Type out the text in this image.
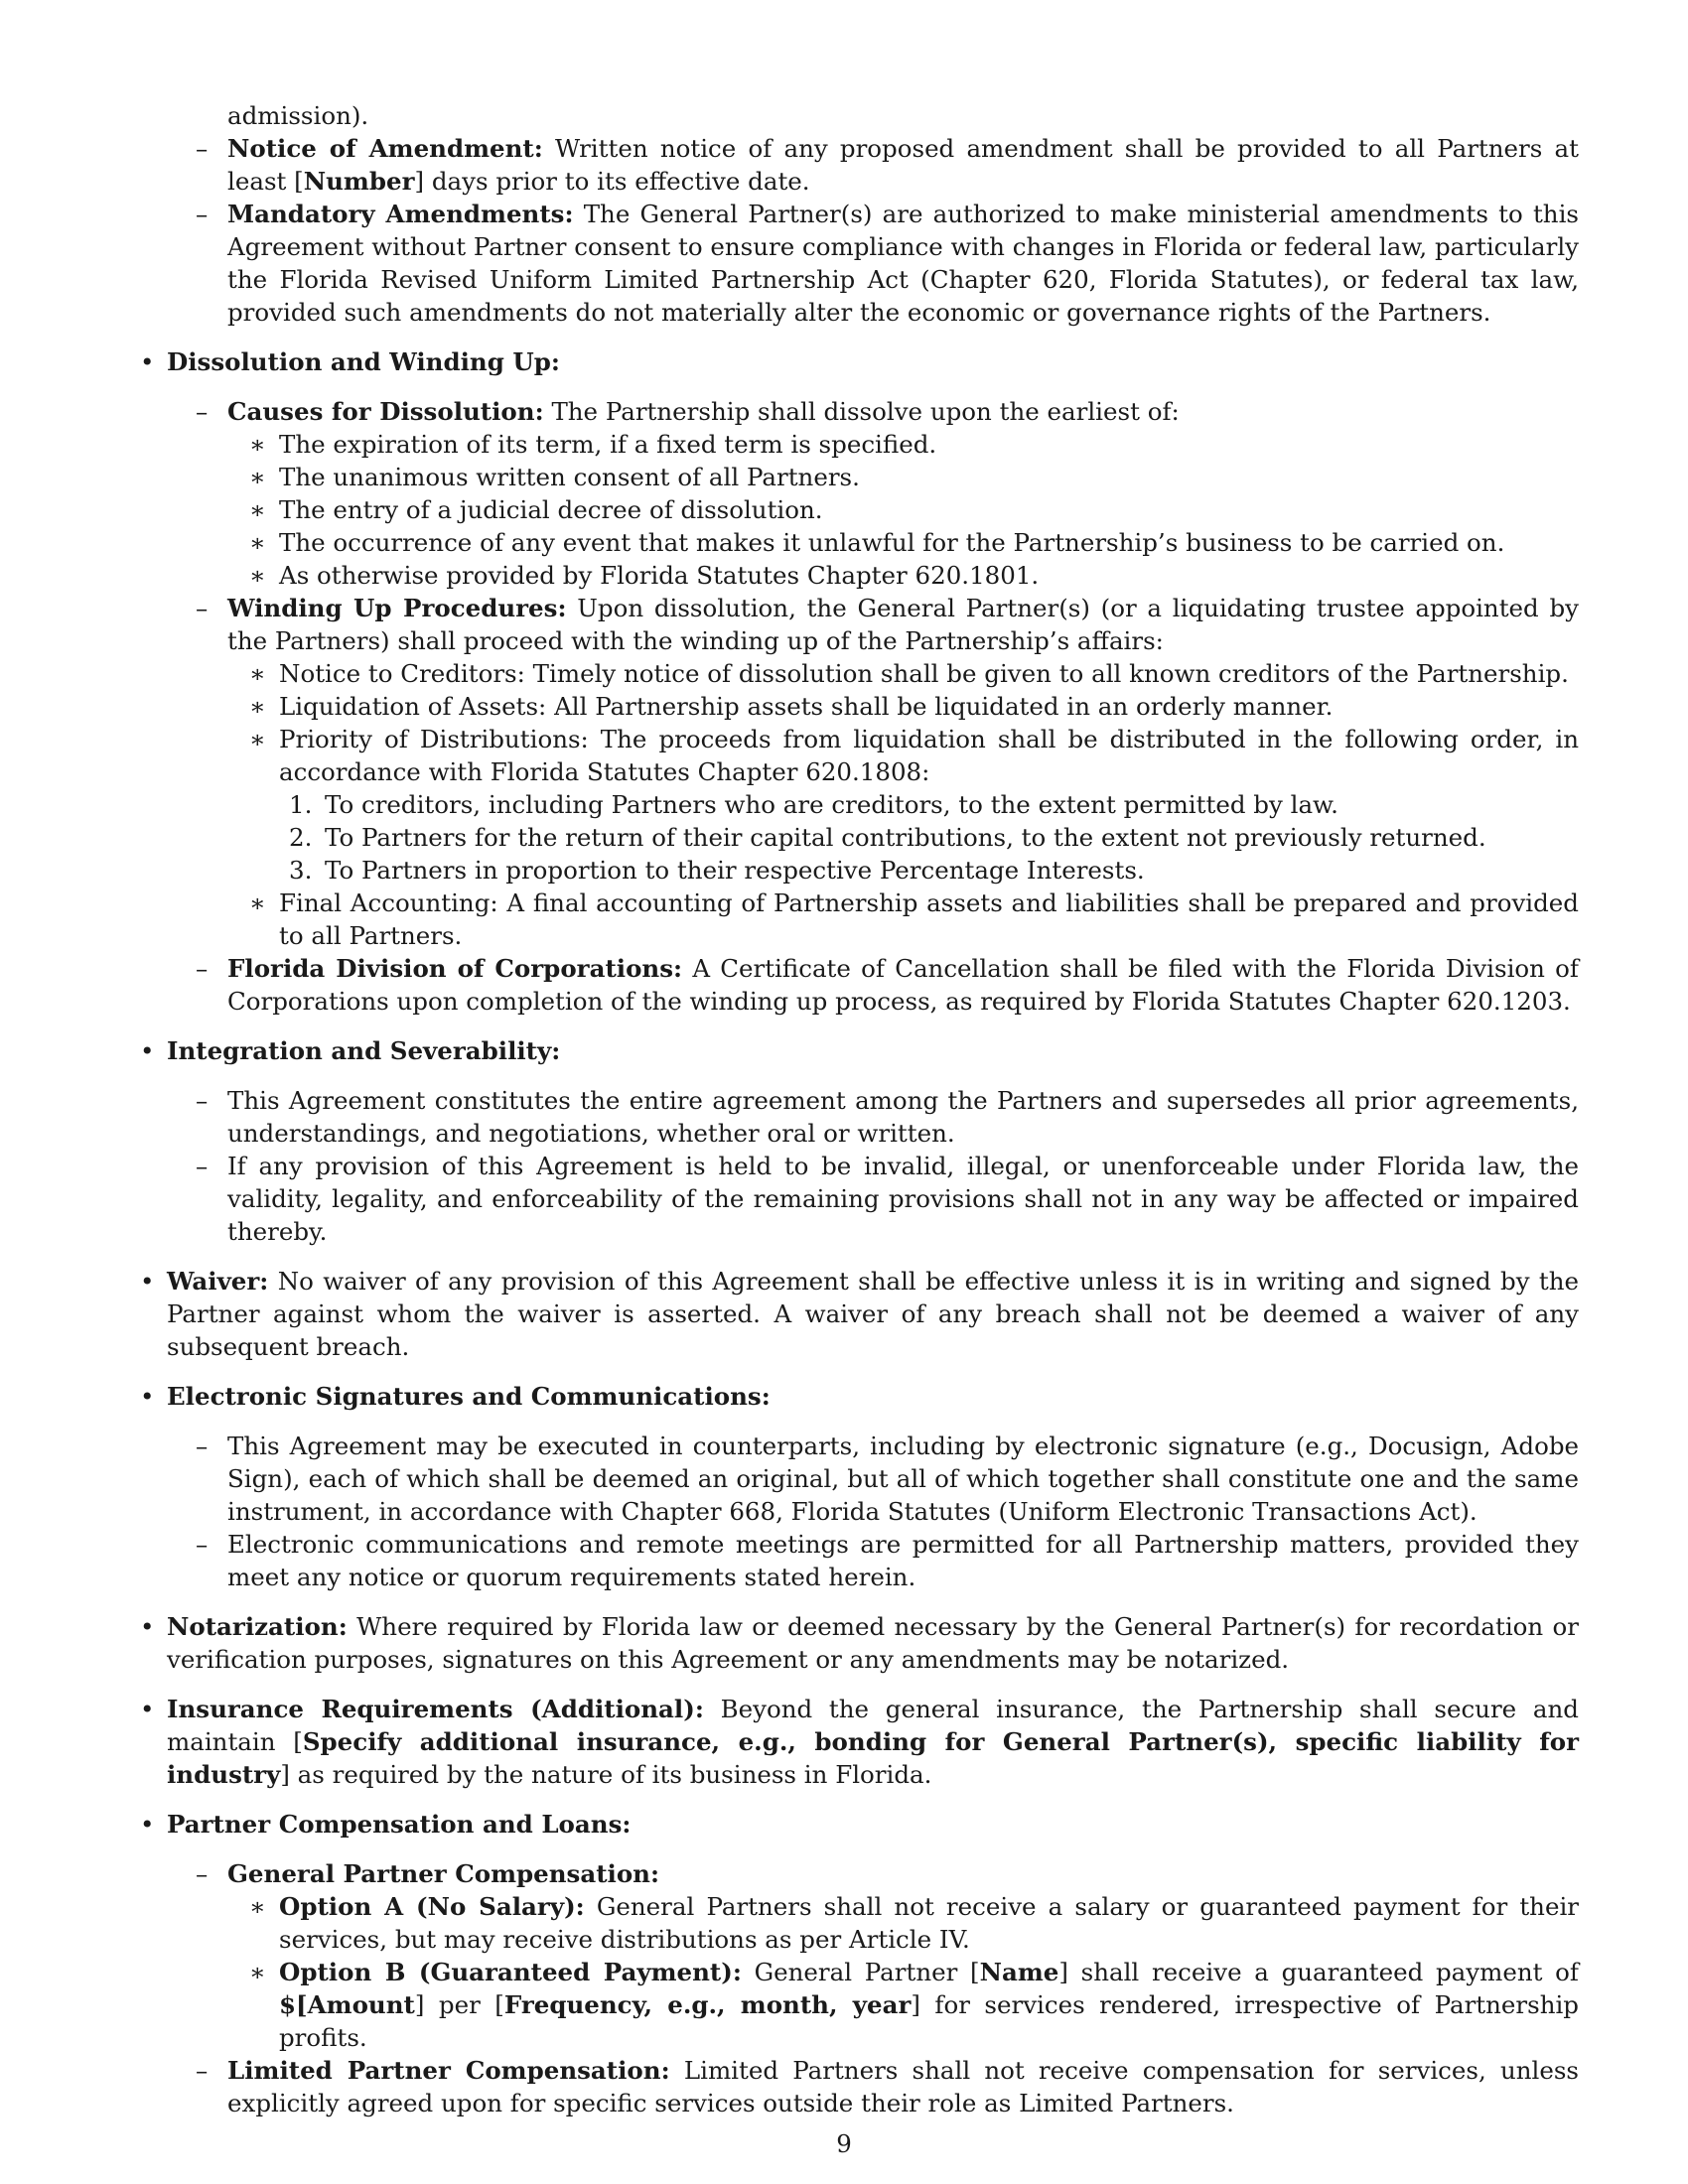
admission).
– Notice of Amendment: Written notice of any proposed amendment shall be provided to all Partners at least [Number] days prior to its effective date.
– Mandatory Amendments: The General Partner(s) are authorized to make ministerial amendments to this Agreement without Partner consent to ensure compliance with changes in Florida or federal law, particularly the Florida Revised Uniform Limited Partnership Act (Chapter 620, Florida Statutes), or federal tax law, provided such amendments do not materially alter the economic or governance rights of the Partners.
• Dissolution and Winding Up:
– Causes for Dissolution: The Partnership shall dissolve upon the earliest of:
∗ The expiration of its term, if a fixed term is specified.
∗ The unanimous written consent of all Partners.
∗ The entry of a judicial decree of dissolution.
∗ The occurrence of any event that makes it unlawful for the Partnership’s business to be carried on.
∗ As otherwise provided by Florida Statutes Chapter 620.1801.
– Winding Up Procedures: Upon dissolution, the General Partner(s) (or a liquidating trustee appointed by the Partners) shall proceed with the winding up of the Partnership’s affairs:
∗ Notice to Creditors: Timely notice of dissolution shall be given to all known creditors of the Partnership.
∗ Liquidation of Assets: All Partnership assets shall be liquidated in an orderly manner.
∗ Priority of Distributions: The proceeds from liquidation shall be distributed in the following order, in accordance with Florida Statutes Chapter 620.1808:
1. To creditors, including Partners who are creditors, to the extent permitted by law.
2. To Partners for the return of their capital contributions, to the extent not previously returned.
3. To Partners in proportion to their respective Percentage Interests.
∗ Final Accounting: A final accounting of Partnership assets and liabilities shall be prepared and provided to all Partners.
– Florida Division of Corporations: A Certificate of Cancellation shall be filed with the Florida Division of Corporations upon completion of the winding up process, as required by Florida Statutes Chapter 620.1203.
• Integration and Severability:
– This Agreement constitutes the entire agreement among the Partners and supersedes all prior agreements, understandings, and negotiations, whether oral or written.
– If any provision of this Agreement is held to be invalid, illegal, or unenforceable under Florida law, the validity, legality, and enforceability of the remaining provisions shall not in any way be affected or impaired thereby.
• Waiver: No waiver of any provision of this Agreement shall be effective unless it is in writing and signed by the Partner against whom the waiver is asserted. A waiver of any breach shall not be deemed a waiver of any subsequent breach.
• Electronic Signatures and Communications:
– This Agreement may be executed in counterparts, including by electronic signature (e.g., Docusign, Adobe Sign), each of which shall be deemed an original, but all of which together shall constitute one and the same instrument, in accordance with Chapter 668, Florida Statutes (Uniform Electronic Transactions Act).
– Electronic communications and remote meetings are permitted for all Partnership matters, provided they meet any notice or quorum requirements stated herein.
• Notarization: Where required by Florida law or deemed necessary by the General Partner(s) for recordation or verification purposes, signatures on this Agreement or any amendments may be notarized.
• Insurance Requirements (Additional): Beyond the general insurance, the Partnership shall secure and maintain [Specify additional insurance, e.g., bonding for General Partner(s), specific liability for industry] as required by the nature of its business in Florida.
• Partner Compensation and Loans:
– General Partner Compensation:
∗ Option A (No Salary): General Partners shall not receive a salary or guaranteed payment for their services, but may receive distributions as per Article IV.
∗ Option B (Guaranteed Payment): General Partner [Name] shall receive a guaranteed payment of $[Amount] per [Frequency, e.g., month, year] for services rendered, irrespective of Partnership profits.
– Limited Partner Compensation: Limited Partners shall not receive compensation for services, unless explicitly agreed upon for specific services outside their role as Limited Partners.
9
